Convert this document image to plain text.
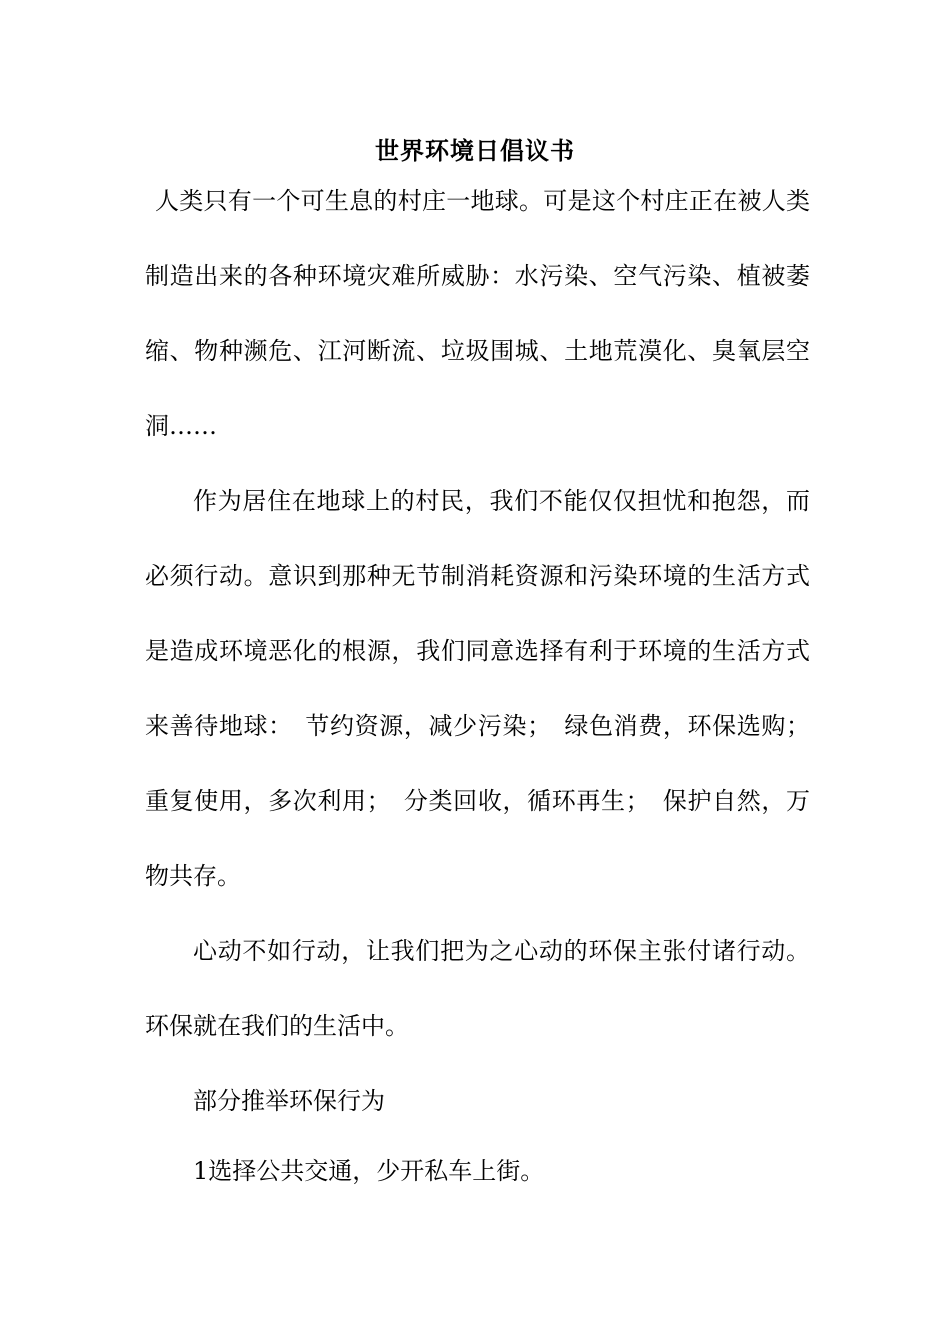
世界环境日倡议书

人类只有一个可生息的村庄一地球。可是这个村庄正在被人类制造出来的各种环境灾难所威胁：水污染、空气污染、植被萎缩、物种濒危、江河断流、垃圾围城、土地荒漠化、臭氧层空洞……

作为居住在地球上的村民，我们不能仅仅担忧和抱怨，而必须行动。意识到那种无节制消耗资源和污染环境的生活方式是造成环境恶化的根源，我们同意选择有利于环境的生活方式来善待地球：　节约资源，减少污染；　绿色消费，环保选购；重复使用，多次利用；　分类回收，循环再生；　保护自然，万物共存。

心动不如行动，让我们把为之心动的环保主张付诸行动。环保就在我们的生活中。

部分推举环保行为

1选择公共交通，少开私车上街。
